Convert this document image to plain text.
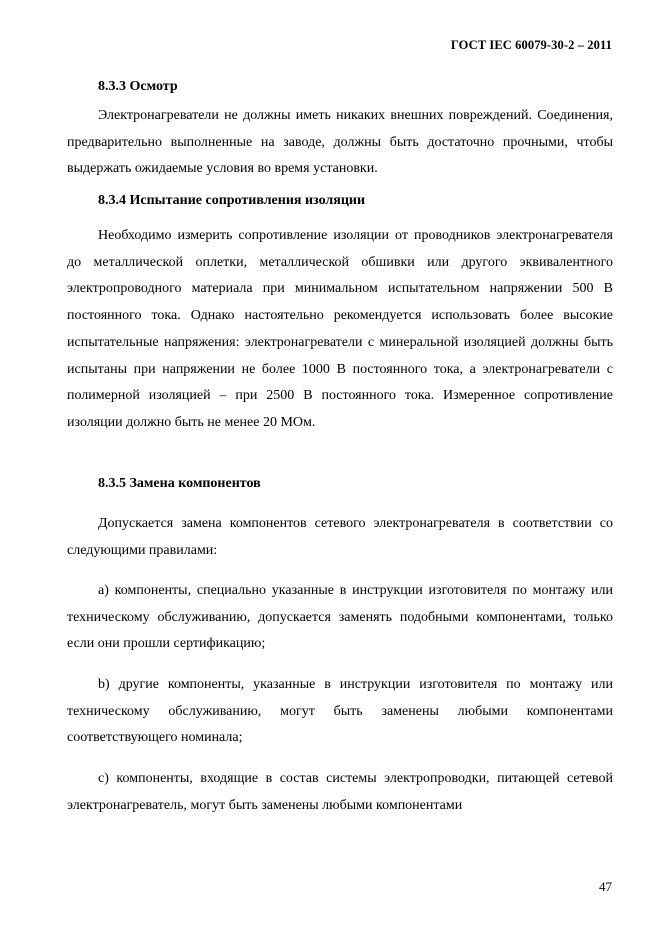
ГОСТ IEC 60079-30-2 – 2011
8.3.3 Осмотр
Электронагреватели не должны иметь никаких внешних повреждений. Соединения, предварительно выполненные на заводе, должны быть достаточно прочными, чтобы выдержать ожидаемые условия во время установки.
8.3.4 Испытание сопротивления изоляции
Необходимо измерить сопротивление изоляции от проводников электронагревателя до металлической оплетки, металлической обшивки или другого эквивалентного электропроводного материала при минимальном испытательном напряжении 500 В постоянного тока. Однако настоятельно рекомендуется использовать более высокие испытательные напряжения: электронагреватели с минеральной изоляцией должны быть испытаны при напряжении не более 1000 В постоянного тока, а электронагреватели с полимерной изоляцией – при 2500 В постоянного тока. Измеренное сопротивление изоляции должно быть не менее 20 МОм.
8.3.5 Замена компонентов
Допускается замена компонентов сетевого электронагревателя в соответствии со следующими правилами:
a) компоненты, специально указанные в инструкции изготовителя по монтажу или техническому обслуживанию, допускается заменять подобными компонентами, только если они прошли сертификацию;
b) другие компоненты, указанные в инструкции изготовителя по монтажу или техническому обслуживанию, могут быть заменены любыми компонентами соответствующего номинала;
c) компоненты, входящие в состав системы электропроводки, питающей сетевой электронагреватель, могут быть заменены любыми компонентами
47
